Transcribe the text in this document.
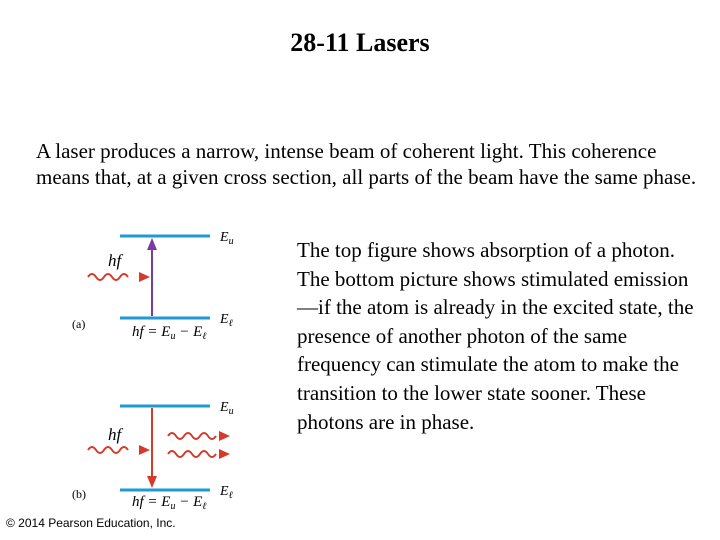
28-11 Lasers
A laser produces a narrow, intense beam of coherent light. This coherence means that, at a given cross section, all parts of the beam have the same phase.
The top figure shows absorption of a photon. The bottom picture shows stimulated emission—if the atom is already in the excited state, the presence of another photon of the same frequency can stimulate the atom to make the transition to the lower state sooner. These photons are in phase.
hf
$E_u$
$E_\ell$
(a)	hf = $E_u - E_\ell$
hf
$E_u$
$E_\ell$
(b)	hf = $E_u - E_\ell$
© 2014 Pearson Education, Inc.
